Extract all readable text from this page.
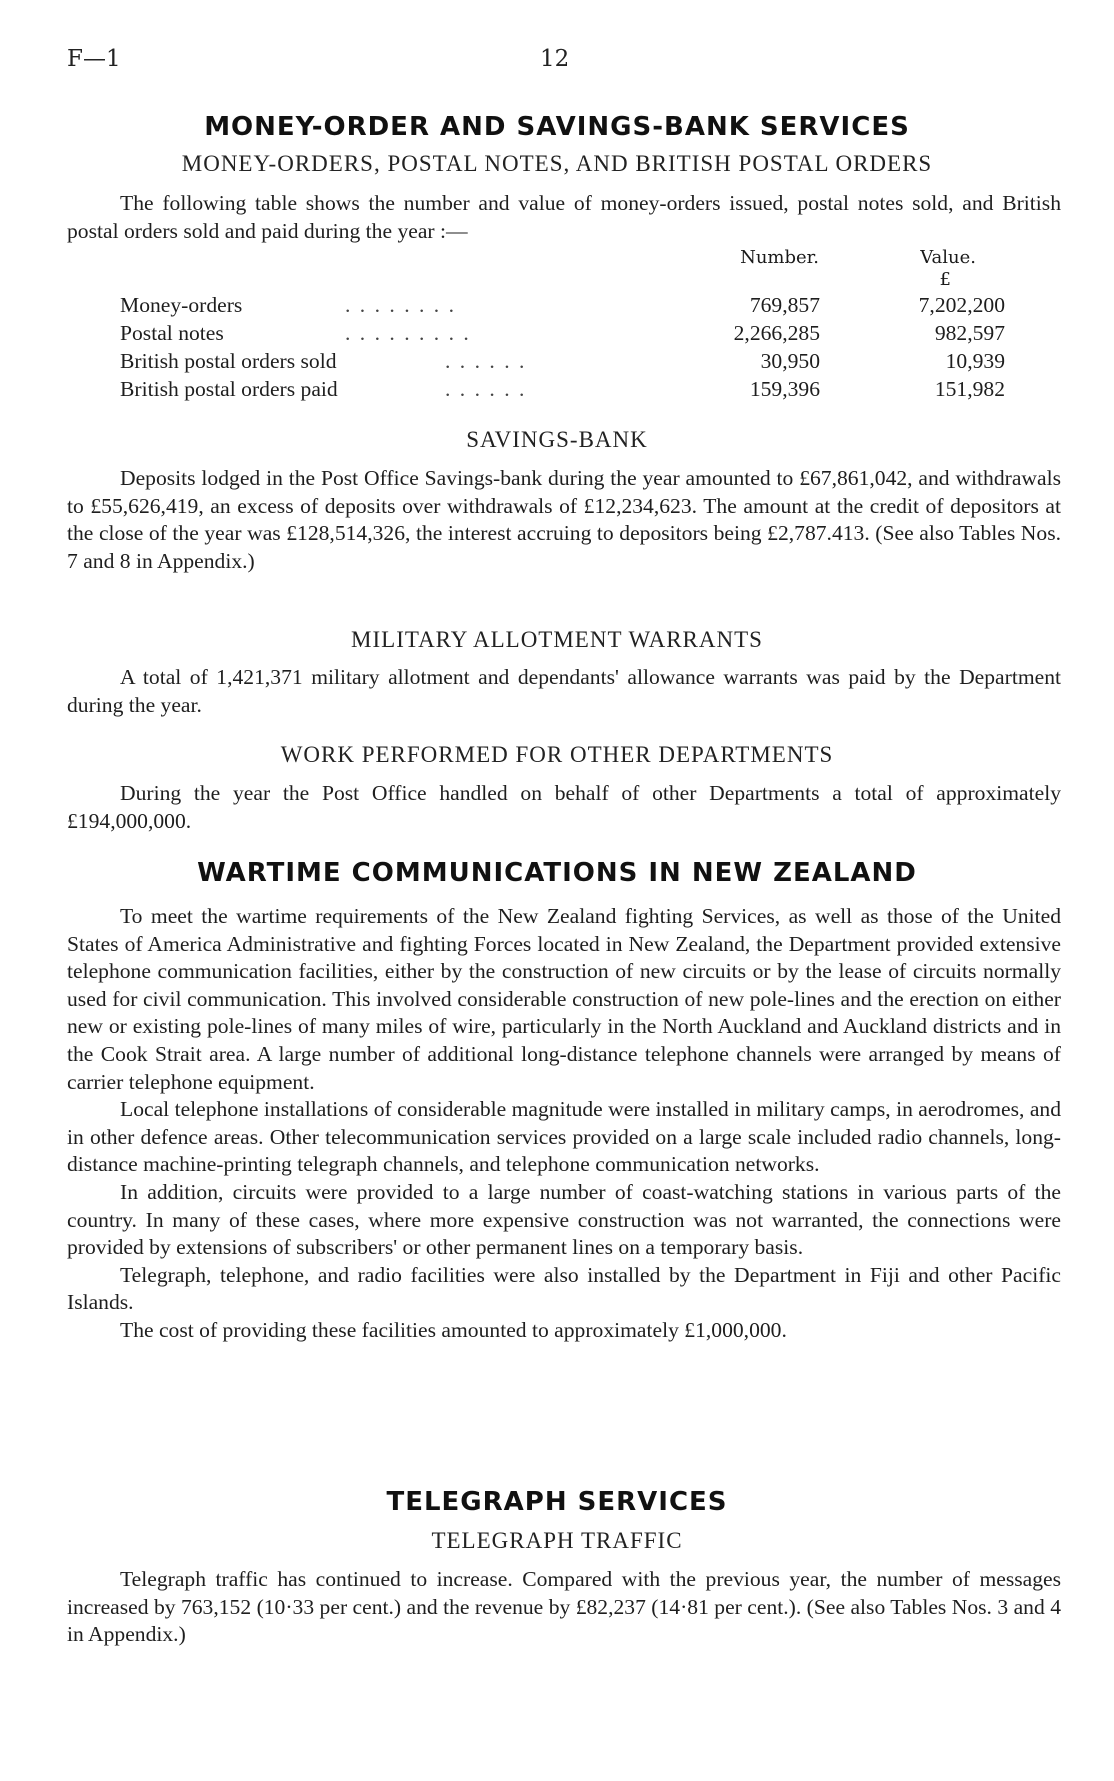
F—1	12
MONEY-ORDER AND SAVINGS-BANK SERVICES
MONEY-ORDERS, POSTAL NOTES, AND BRITISH POSTAL ORDERS

The following table shows the number and value of money-orders issued, postal notes sold, and British postal orders sold and paid during the year :—

Number.	Value.
£
Money-orders	. . . . . . . .	769,857	7,202,200
Postal notes	. . . . . . . . .	2,266,285	982,597
British postal orders sold	. . . . . .	30,950	10,939
British postal orders paid	. . . . . .	159,396	151,982
SAVINGS-BANK

Deposits lodged in the Post Office Savings-bank during the year amounted to £67,861,042, and withdrawals to £55,626,419, an excess of deposits over withdrawals of £12,234,623. The amount at the credit of depositors at the close of the year was £128,514,326, the interest accruing to depositors being £2,787.413. (See also Tables Nos. 7 and 8 in Appendix.)

MILITARY ALLOTMENT WARRANTS

A total of 1,421,371 military allotment and dependants' allowance warrants was paid by the Department during the year.

WORK PERFORMED FOR OTHER DEPARTMENTS

During the year the Post Office handled on behalf of other Departments a total of approximately £194,000,000.

WARTIME COMMUNICATIONS IN NEW ZEALAND

To meet the wartime requirements of the New Zealand fighting Services, as well as those of the United States of America Administrative and fighting Forces located in New Zealand, the Department provided extensive telephone communication facilities, either by the construction of new circuits or by the lease of circuits normally used for civil communication. This involved considerable construction of new pole-lines and the erection on either new or existing pole-lines of many miles of wire, particularly in the North Auckland and Auckland districts and in the Cook Strait area. A large number of additional long-distance telephone channels were arranged by means of carrier telephone equipment.

Local telephone installations of considerable magnitude were installed in military camps, in aerodromes, and in other defence areas. Other telecommunication services provided on a large scale included radio channels, long-distance machine-printing telegraph channels, and telephone communication networks.

In addition, circuits were provided to a large number of coast-watching stations in various parts of the country. In many of these cases, where more expensive construction was not warranted, the connections were provided by extensions of subscribers' or other permanent lines on a temporary basis.

Telegraph, telephone, and radio facilities were also installed by the Department in Fiji and other Pacific Islands.

The cost of providing these facilities amounted to approximately £1,000,000.

TELEGRAPH SERVICES
TELEGRAPH TRAFFIC

Telegraph traffic has continued to increase. Compared with the previous year, the number of messages increased by 763,152 (10·33 per cent.) and the revenue by £82,237 (14·81 per cent.). (See also Tables Nos. 3 and 4 in Appendix.)
